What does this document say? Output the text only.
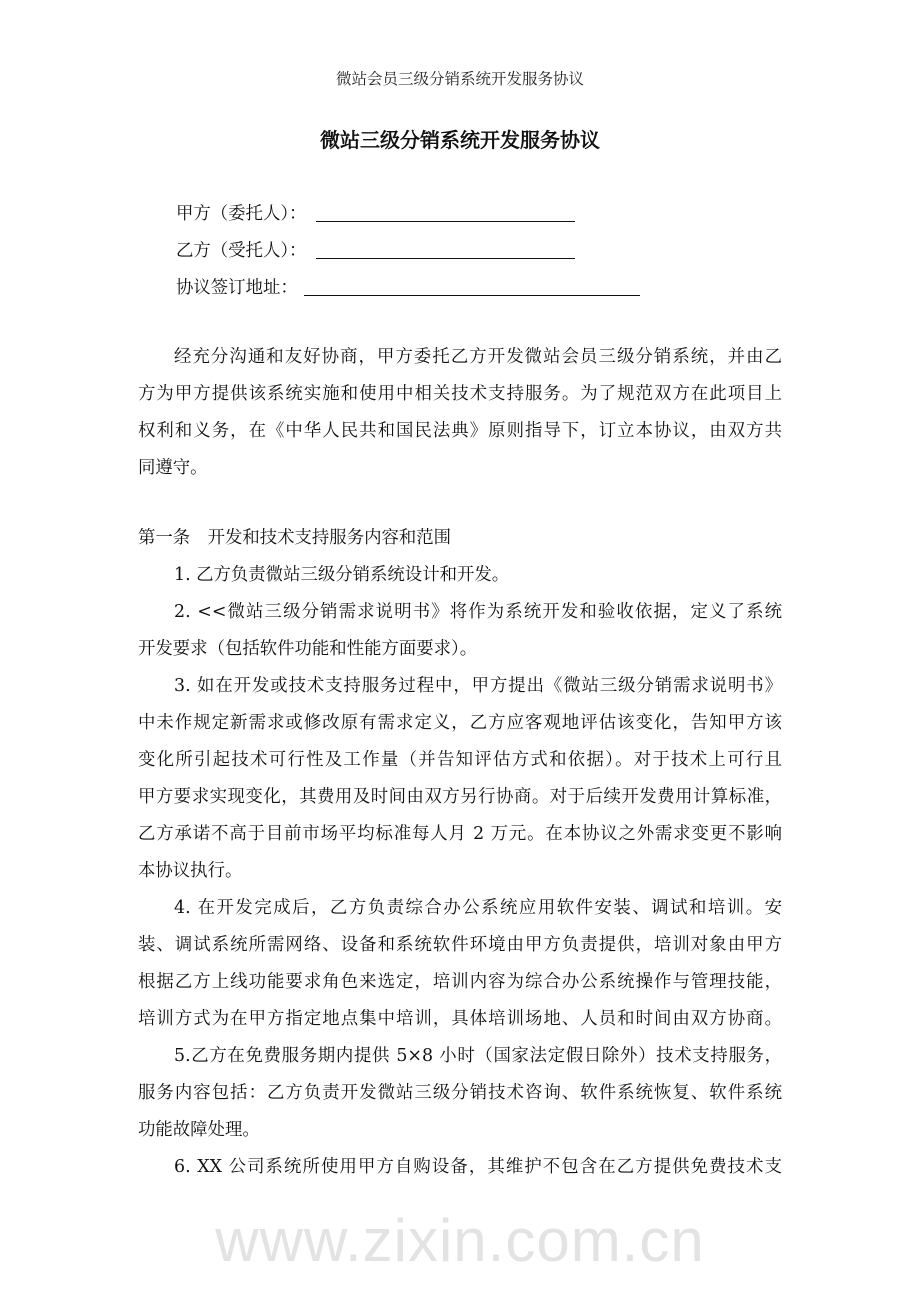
微站会员三级分销系统开发服务协议
微站三级分销系统开发服务协议
甲方（委托人）：
乙方（受托人）：
协议签订地址：
经充分沟通和友好协商，甲方委托乙方开发微站会员三级分销系统，并由乙
方为甲方提供该系统实施和使用中相关技术支持服务。为了规范双方在此项目上
权利和义务，在《中华人民共和国民法典》原则指导下，订立本协议，由双方共
同遵守。
第一条　开发和技术支持服务内容和范围
1. 乙方负责微站三级分销系统设计和开发。
2. <<微站三级分销需求说明书》将作为系统开发和验收依据，定义了系统
开发要求（包括软件功能和性能方面要求）。
3. 如在开发或技术支持服务过程中，甲方提出《微站三级分销需求说明书》
中未作规定新需求或修改原有需求定义，乙方应客观地评估该变化，告知甲方该
变化所引起技术可行性及工作量（并告知评估方式和依据）。对于技术上可行且
甲方要求实现变化，其费用及时间由双方另行协商。对于后续开发费用计算标准，
乙方承诺不高于目前市场平均标准每人月 2 万元。在本协议之外需求变更不影响
本协议执行。
4. 在开发完成后，乙方负责综合办公系统应用软件安装、调试和培训。安
装、调试系统所需网络、设备和系统软件环境由甲方负责提供，培训对象由甲方
根据乙方上线功能要求角色来选定，培训内容为综合办公系统操作与管理技能，
培训方式为在甲方指定地点集中培训，具体培训场地、人员和时间由双方协商。
5.乙方在免费服务期内提供 5×8 小时（国家法定假日除外）技术支持服务，
服务内容包括：乙方负责开发微站三级分销技术咨询、软件系统恢复、软件系统
功能故障处理。
6. XX 公司系统所使用甲方自购设备，其维护不包含在乙方提供免费技术支
www.zixin.com.cn
